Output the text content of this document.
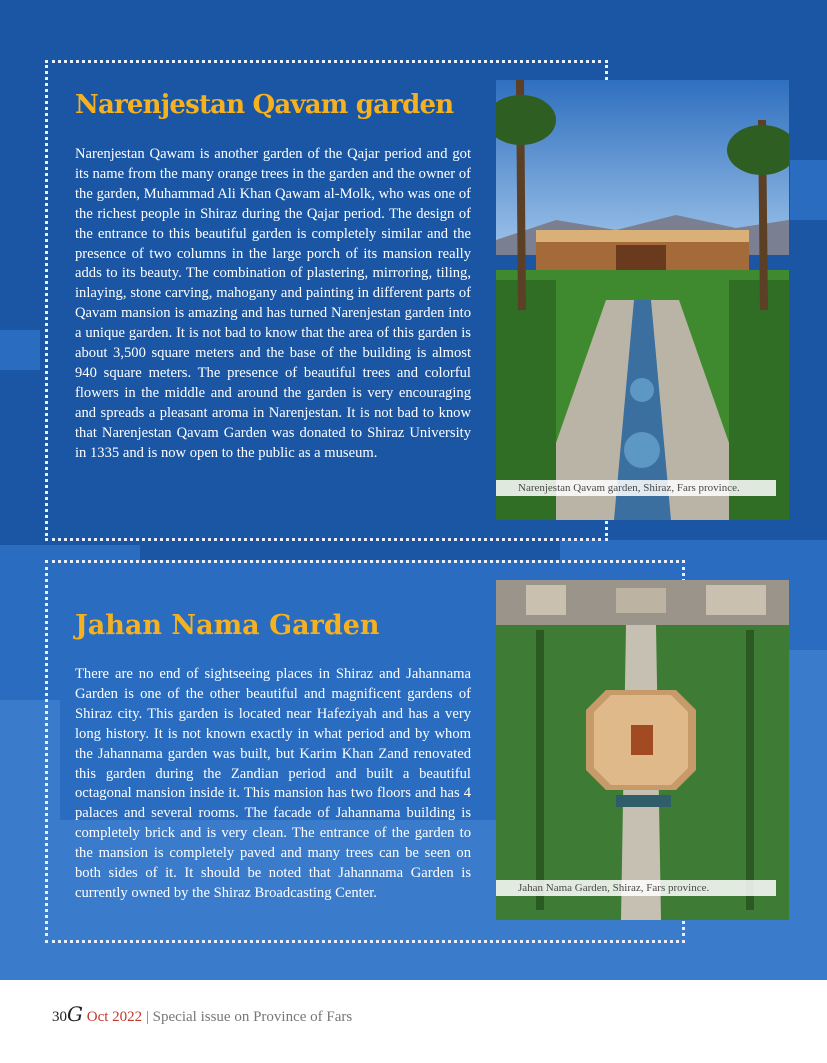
Narenjestan Qavam garden, Shiraz, Fars province.
Narenjestan Qavam garden

Narenjestan Qawam is another garden of the Qajar period and got its name from the many orange trees in the garden and the owner of the garden, Muhammad Ali Khan Qawam al-Molk, who was one of the richest people in Shiraz during the Qajar period. The design of the entrance to this beautiful garden is completely similar and the presence of two columns in the large porch of its mansion really adds to its beauty. The combination of plastering, mirroring, tiling, inlaying, stone carving, mahogany and painting in different parts of Qavam mansion is amazing and has turned Narenjestan garden into a unique garden. It is not bad to know that the area of this garden is about 3,500 square meters and the base of the building is almost 940 square meters. The presence of beautiful trees and colorful flowers in the middle and around the garden is very encouraging and spreads a pleasant aroma in Narenjestan. It is not bad to know that Narenjestan Qavam Garden was donated to Shiraz University in 1335 and is now open to the public as a museum.

Jahan Nama Garden, Shiraz, Fars province.
Jahan Nama Garden

There are no end of sightseeing places in Shiraz and Jahannama Garden is one of the other beautiful and magnificent gardens of Shiraz city. This garden is located near Hafeziyah and has a very long history. It is not known exactly in what period and by whom the Jahannama garden was built, but Karim Khan Zand renovated this garden during the Zandian period and built a beautiful octagonal mansion inside it. This mansion has two floors and has 4 palaces and several rooms. The facade of Jahannama building is completely brick and is very clean. The entrance of the garden to the mansion is completely paved and many trees can be seen on both sides of it. It should be noted that Jahannama Garden is currently owned by the Shiraz Broadcasting Center.

30G Oct 2022 | Special issue on Province of Fars
